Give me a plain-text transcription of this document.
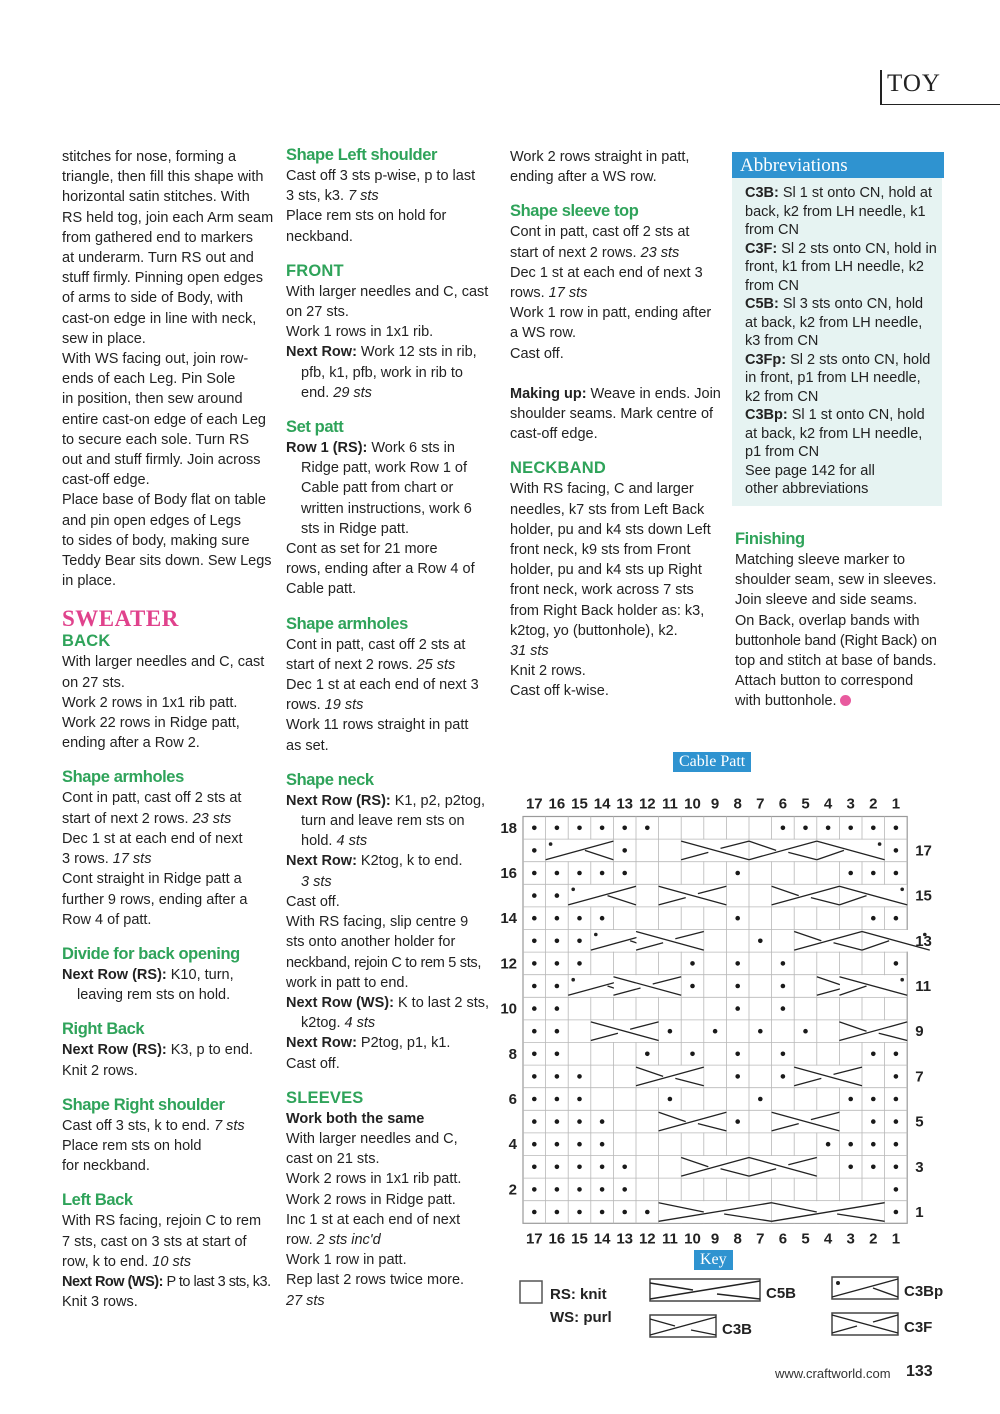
TOY

stitches for nose, forming a

triangle, then fill this shape with

horizontal satin stitches. With

RS held tog, join each Arm seam

from gathered end to markers

at underarm. Turn RS out and

stuff firmly. Pinning open edges

of arms to side of Body, with

cast-on edge in line with neck,

sew in place.

With WS facing out, join row-

ends of each Leg. Pin Sole

in position, then sew around

entire cast-on edge of each Leg

to secure each sole. Turn RS

out and stuff firmly. Join across

cast-off edge.

Place base of Body flat on table

and pin open edges of Legs

to sides of body, making sure

Teddy Bear sits down. Sew Legs

in place.

SWEATER

BACK

With larger needles and C, cast

on 27 sts.

Work 2 rows in 1x1 rib patt.

Work 22 rows in Ridge patt,

ending after a Row 2.

Shape armholes

Cont in patt, cast off 2 sts at

start of next 2 rows. 23 sts

Dec 1 st at each end of next

3 rows. 17 sts

Cont straight in Ridge patt a

further 9 rows, ending after a

Row 4 of patt.

Divide for back opening

Next Row (RS): K10, turn,

leaving rem sts on hold.

Right Back

Next Row (RS): K3, p to end.

Knit 2 rows.

Shape Right shoulder

Cast off 3 sts, k to end. 7 sts

Place rem sts on hold

for neckband.

Left Back

With RS facing, rejoin C to rem

7 sts, cast on 3 sts at start of

row, k to end. 10 sts

Next Row (WS): P to last 3 sts, k3.

Knit 3 rows.

Shape Left shoulder

Cast off 3 sts p-wise, p to last

3 sts, k3. 7 sts

Place rem sts on hold for

neckband.

FRONT

With larger needles and C, cast

on 27 sts.

Work 1 rows in 1x1 rib.

Next Row: Work 12 sts in rib,

pfb, k1, pfb, work in rib to

end. 29 sts

Set patt

Row 1 (RS): Work 6 sts in

Ridge patt, work Row 1 of

Cable patt from chart or

written instructions, work 6

sts in Ridge patt.

Cont as set for 21 more

rows, ending after a Row 4 of

Cable patt.

Shape armholes

Cont in patt, cast off 2 sts at

start of next 2 rows. 25 sts

Dec 1 st at each end of next 3

rows. 19 sts

Work 11 rows straight in patt

as set.

Shape neck

Next Row (RS): K1, p2, p2tog,

turn and leave rem sts on

hold. 4 sts

Next Row: K2tog, k to end.

3 sts

Cast off.

With RS facing, slip centre 9

sts onto another holder for

neckband, rejoin C to rem 5 sts,

work in patt to end.

Next Row (WS): K to last 2 sts,

k2tog. 4 sts

Next Row: P2tog, p1, k1.

Cast off.

SLEEVES

Work both the same

With larger needles and C,

cast on 21 sts.

Work 2 rows in 1x1 rib patt.

Work 2 rows in Ridge patt.

Inc 1 st at each end of next

row. 2 sts inc'd

Work 1 row in patt.

Rep last 2 rows twice more.

27 sts

Work 2 rows straight in patt,

ending after a WS row.

Shape sleeve top

Cont in patt, cast off 2 sts at

start of next 2 rows. 23 sts

Dec 1 st at each end of next 3

rows. 17 sts

Work 1 row in patt, ending after

a WS row.

Cast off.

Making up: Weave in ends. Join

shoulder seams. Mark centre of

cast-off edge.

NECKBAND

With RS facing, C and larger

needles, k7 sts from Left Back

holder, pu and k4 sts down Left

front neck, k9 sts from Front

holder, pu and k4 sts up Right

front neck, work across 7 sts

from Right Back holder as: k3,

k2tog, yo (buttonhole), k2.

31 sts

Knit 2 rows.

Cast off k-wise.

Abbreviations

C3B: Sl 1 st onto CN, hold at back, k2 from LH needle, k1 from CN

C3F: Sl 2 sts onto CN, hold in front, k1 from LH needle, k2 from CN

C5B: Sl 3 sts onto CN, hold at back, k2 from LH needle, k3 from CN

C3Fp: Sl 2 sts onto CN, hold in front, p1 from LH needle, k2 from CN

C3Bp: Sl 1 st onto CN, hold at back, k2 from LH needle, p1 from CN

See page 142 for all

other abbreviations

Finishing

Matching sleeve marker to

shoulder seam, sew in sleeves.

Join sleeve and side seams.

On Back, overlap bands with

buttonhole band (Right Back) on

top and stitch at base of bands.

Attach button to correspond

with buttonhole.

Cable Patt
17
17
16
16
15
15
14
14
13
13
12
12
11
11
10
10
9
9
8
8
7
7
6
6
5
5
4
4
3
3
2
2
1
1
18
16
14
12
10
8
6
4
2
17
15
13
11
9
7
5
3
1
Key
RS: knit
WS: purl
C5B
C3B
C3Bp
C3F
www.craftworld.com 133
